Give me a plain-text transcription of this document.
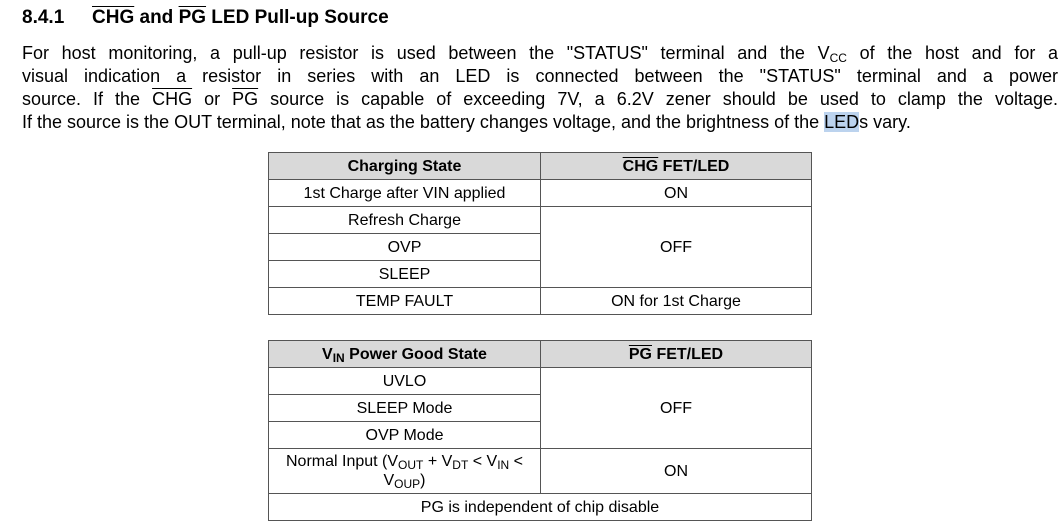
8.4.1 $\overline{CHG}$ and $\overline{PG}$ LED Pull-up Source
For host monitoring, a pull-up resistor is used between the "STATUS" terminal and the $V_{CC}$ of the host and for a
visual indication a resistor in series with an LED is connected between the "STATUS" terminal and a power
source. If the $\overline{CHG}$ or $\overline{PG}$ source is capable of exceeding 7V, a 6.2V zener should be used to clamp the voltage.
If the source is the OUT terminal, note that as the battery changes voltage, and the brightness of the LEDs vary.
Charging State	$\overline{CHG}$ FET/LED
1st Charge after VIN applied	ON
Refresh Charge	OFF
OVP	
SLEEP	
TEMP FAULT	ON for 1st Charge
$V_{IN}$ Power Good State	$\overline{PG}$ FET/LED
UVLO	OFF
SLEEP Mode	
OVP Mode	
Normal Input ($V_{OUT} + V_{DT} < V_{IN}$ <
$V_{OUP}$)	ON
PG is independent of chip disable	
